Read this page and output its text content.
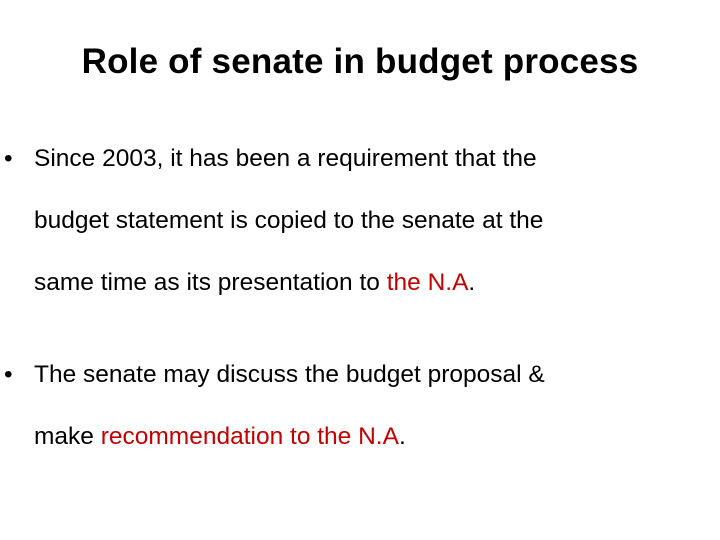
Role of senate in budget process
• Since 2003, it has been a requirement that the
budget statement is copied to the senate at the
same time as its presentation to the N.A.
• The senate may discuss the budget proposal &
make recommendation to the N.A.
